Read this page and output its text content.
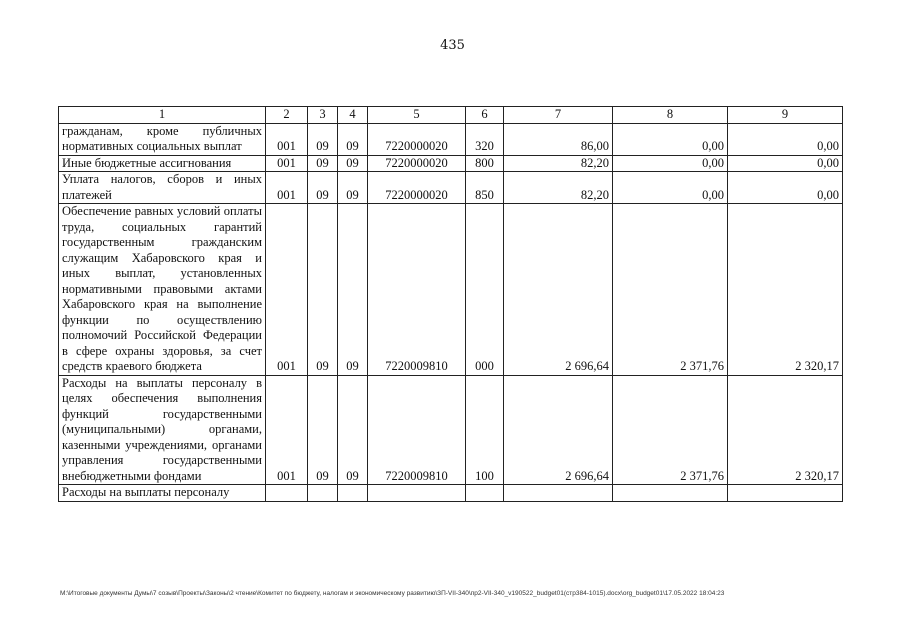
435
1	2	3	4	5	6	7	8	9
гражданам, кроме публичных нормативных социальных выплат	001	09	09	7220000020	320	86,00	0,00	0,00
Иные бюджетные ассигнования	001	09	09	7220000020	800	82,20	0,00	0,00
Уплата налогов, сборов и иных платежей	001	09	09	7220000020	850	82,20	0,00	0,00
Обеспечение равных условий оплаты труда, социальных гарантий государственным гражданским служащим Хабаровского края и иных выплат, установленных нормативными правовыми актами Хабаровского края на выполнение функции по осуществлению полномочий Российской Федерации в сфере охраны здоровья, за счет средств краевого бюджета	001	09	09	7220009810	000	2 696,64	2 371,76	2 320,17
Расходы на выплаты персоналу в целях обеспечения выполнения функций государственными (муниципальными) органами, казенными учреждениями, органами управления государственными внебюджетными фондами	001	09	09	7220009810	100	2 696,64	2 371,76	2 320,17
Расходы на выплаты персоналу								
M:\Итоговые документы Думы\7 созыв\Проекты\Законы\2 чтение\Комитет по бюджету, налогам и экономическому развитию\ЗП-VII-340\пр2-VII-340_v190522_budget01(стр384-1015).docx\org_budget01\17.05.2022 18:04:23
